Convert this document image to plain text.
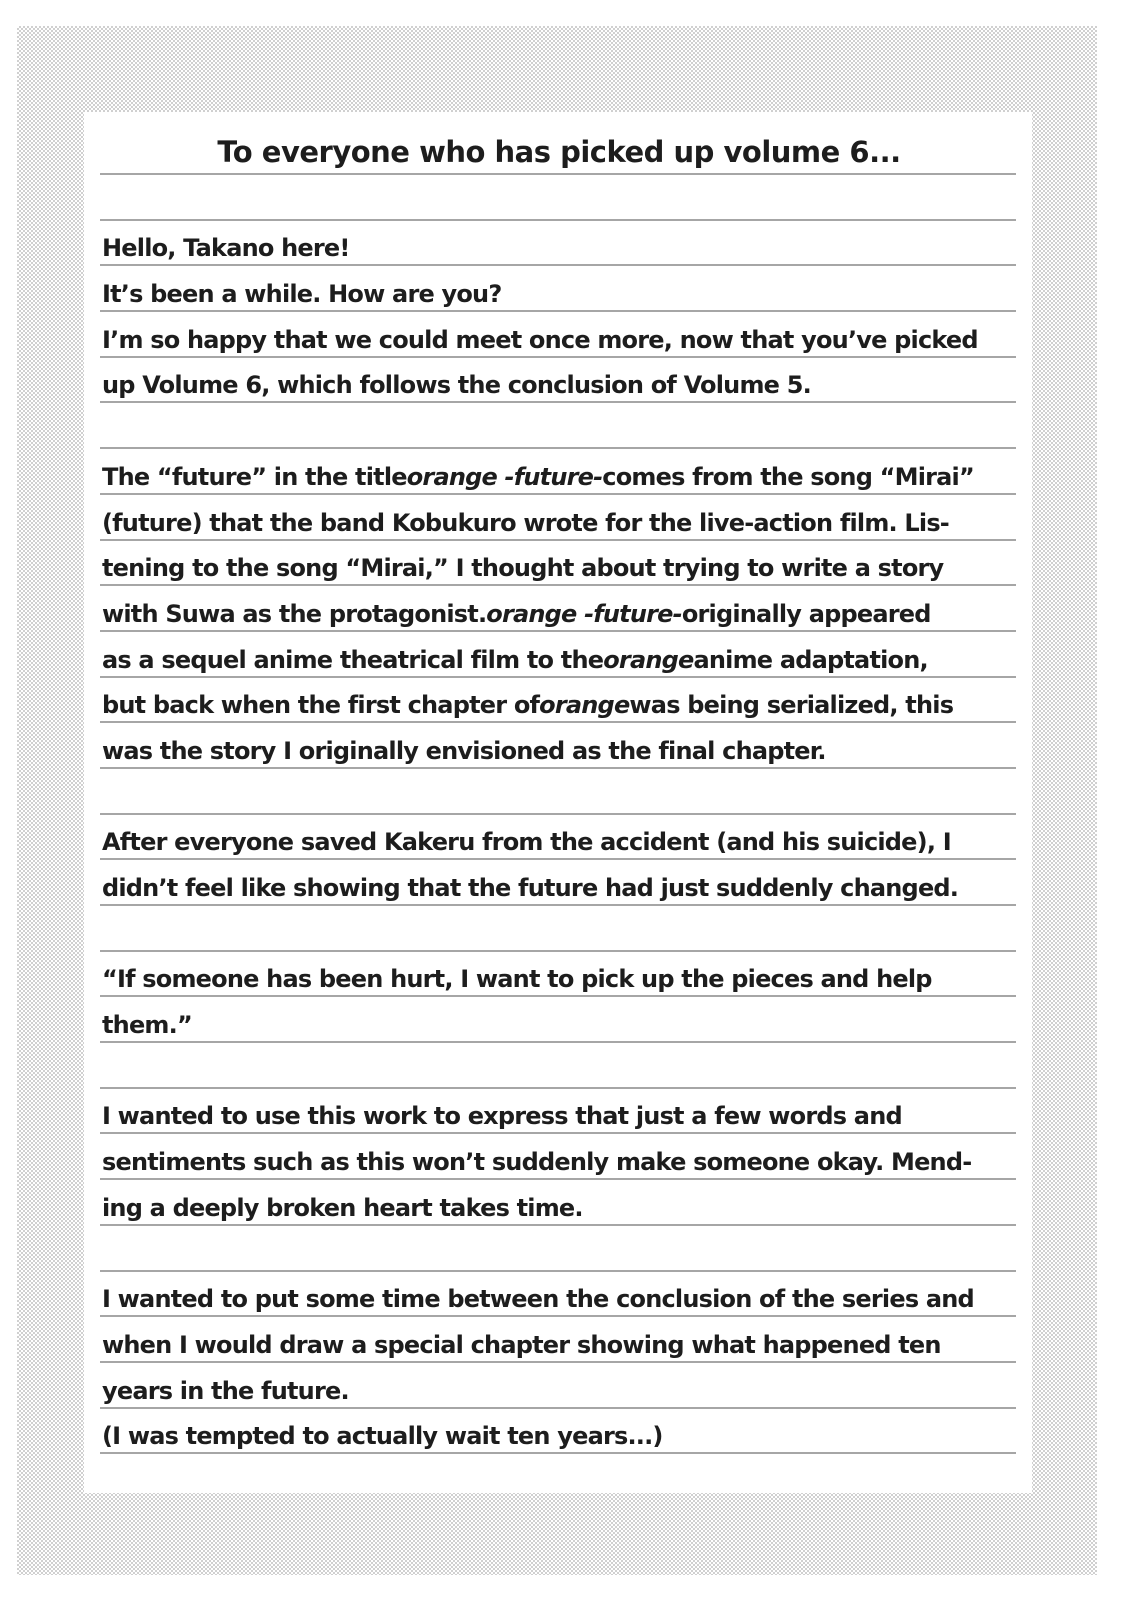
To everyone who has picked up volume 6...
Hello, Takano here!
It’s been a while. How are you?
I’m so happy that we could meet once more, now that you’ve picked
up Volume 6, which follows the conclusion of Volume 5.
The “future” in the title orange -future- comes from the song “Mirai”
(future) that the band Kobukuro wrote for the live-action film. Lis-
tening to the song “Mirai,” I thought about trying to write a story
with Suwa as the protagonist. orange -future- originally appeared
as a sequel anime theatrical film to the orange anime adaptation,
but back when the first chapter of orange was being serialized, this
was the story I originally envisioned as the final chapter.
After everyone saved Kakeru from the accident (and his suicide), I
didn’t feel like showing that the future had just suddenly changed.
“If someone has been hurt, I want to pick up the pieces and help
them.”
I wanted to use this work to express that just a few words and
sentiments such as this won’t suddenly make someone okay. Mend-
ing a deeply broken heart takes time.
I wanted to put some time between the conclusion of the series and
when I would draw a special chapter showing what happened ten
years in the future.
(I was tempted to actually wait ten years...)
